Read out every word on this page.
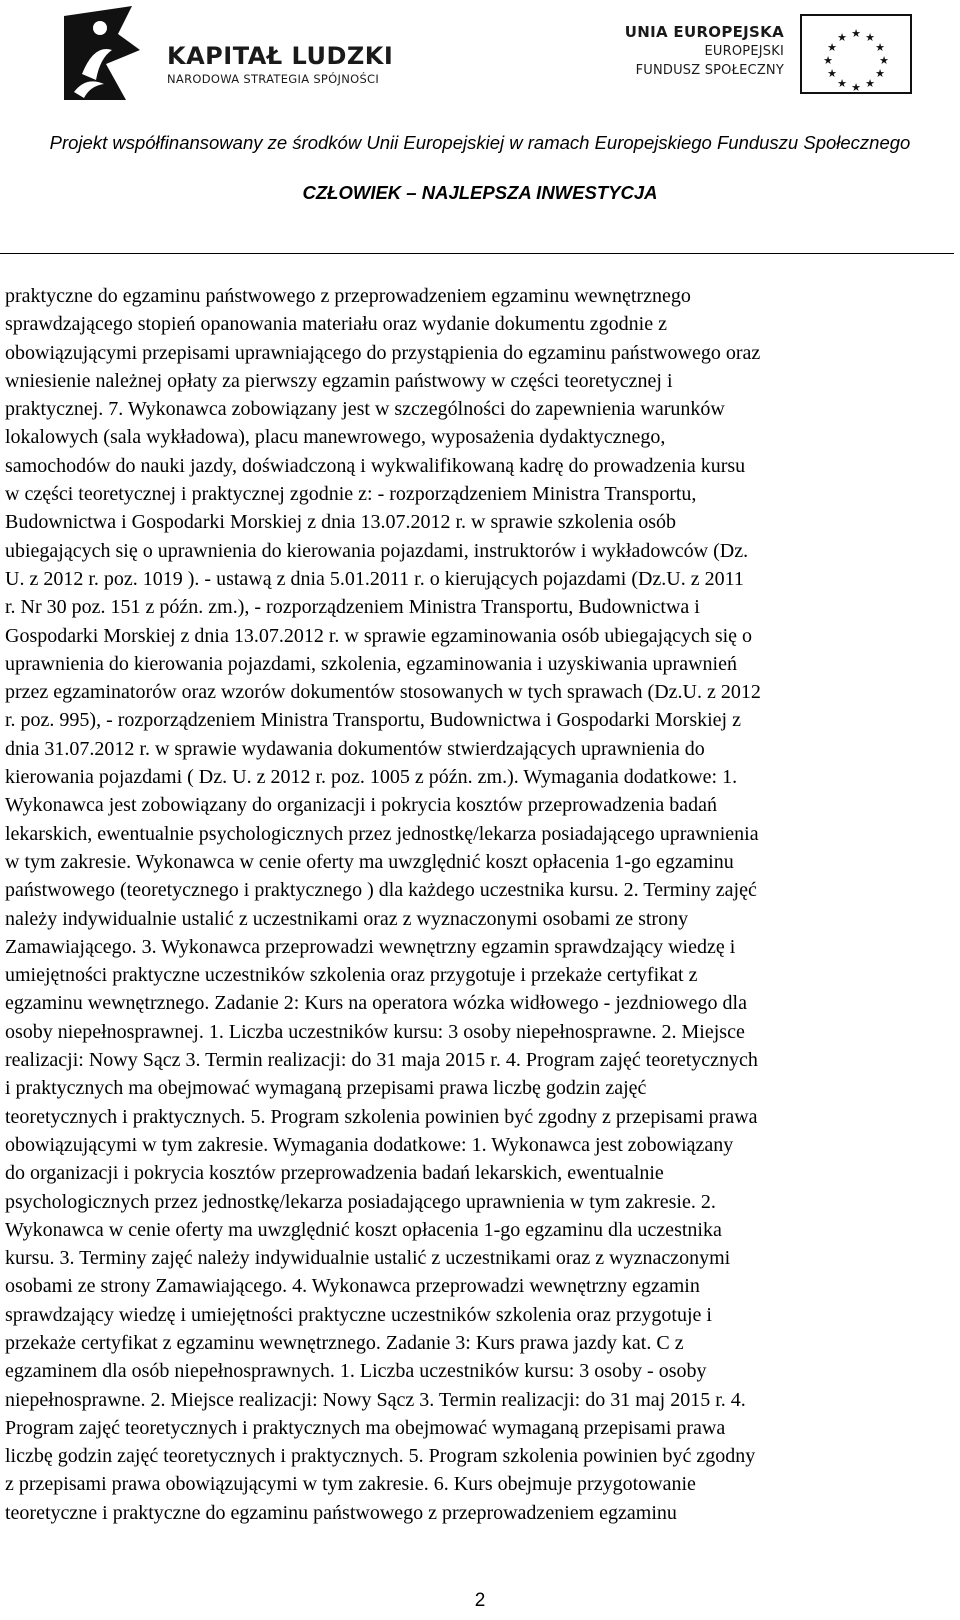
KAPITAŁ LUDZKI
NARODOWA STRATEGIA SPÓJNOŚCI
UNIA EUROPEJSKA
EUROPEJSKI
FUNDUSZ SPOŁECZNY
★ ★
★
★
★
★
★
★
★
★
★
★
Projekt współfinansowany ze środków Unii Europejskiej w ramach Europejskiego Funduszu Społecznego
CZŁOWIEK – NAJLEPSZA INWESTYCJA
praktyczne do egzaminu państwowego z przeprowadzeniem egzaminu wewnętrznego
sprawdzającego stopień opanowania materiału oraz wydanie dokumentu zgodnie z
obowiązującymi przepisami uprawniającego do przystąpienia do egzaminu państwowego oraz
wniesienie należnej opłaty za pierwszy egzamin państwowy w części teoretycznej i
praktycznej. 7. Wykonawca zobowiązany jest w szczególności do zapewnienia warunków
lokalowych (sala wykładowa), placu manewrowego, wyposażenia dydaktycznego,
samochodów do nauki jazdy, doświadczoną i wykwalifikowaną kadrę do prowadzenia kursu
w części teoretycznej i praktycznej zgodnie z: - rozporządzeniem Ministra Transportu,
Budownictwa i Gospodarki Morskiej z dnia 13.07.2012 r. w sprawie szkolenia osób
ubiegających się o uprawnienia do kierowania pojazdami, instruktorów i wykładowców (Dz.
U. z 2012 r. poz. 1019 ). - ustawą z dnia 5.01.2011 r. o kierujących pojazdami (Dz.U. z 2011
r. Nr 30 poz. 151 z późn. zm.), - rozporządzeniem Ministra Transportu, Budownictwa i
Gospodarki Morskiej z dnia 13.07.2012 r. w sprawie egzaminowania osób ubiegających się o
uprawnienia do kierowania pojazdami, szkolenia, egzaminowania i uzyskiwania uprawnień
przez egzaminatorów oraz wzorów dokumentów stosowanych w tych sprawach (Dz.U. z 2012
r. poz. 995), - rozporządzeniem Ministra Transportu, Budownictwa i Gospodarki Morskiej z
dnia 31.07.2012 r. w sprawie wydawania dokumentów stwierdzających uprawnienia do
kierowania pojazdami ( Dz. U. z 2012 r. poz. 1005 z późn. zm.). Wymagania dodatkowe: 1.
Wykonawca jest zobowiązany do organizacji i pokrycia kosztów przeprowadzenia badań
lekarskich, ewentualnie psychologicznych przez jednostkę/lekarza posiadającego uprawnienia
w tym zakresie. Wykonawca w cenie oferty ma uwzględnić koszt opłacenia 1-go egzaminu
państwowego (teoretycznego i praktycznego ) dla każdego uczestnika kursu. 2. Terminy zajęć
należy indywidualnie ustalić z uczestnikami oraz z wyznaczonymi osobami ze strony
Zamawiającego. 3. Wykonawca przeprowadzi wewnętrzny egzamin sprawdzający wiedzę i
umiejętności praktyczne uczestników szkolenia oraz przygotuje i przekaże certyfikat z
egzaminu wewnętrznego. Zadanie 2: Kurs na operatora wózka widłowego - jezdniowego dla
osoby niepełnosprawnej. 1. Liczba uczestników kursu: 3 osoby niepełnosprawne. 2. Miejsce
realizacji: Nowy Sącz 3. Termin realizacji: do 31 maja 2015 r. 4. Program zajęć teoretycznych
i praktycznych ma obejmować wymaganą przepisami prawa liczbę godzin zajęć
teoretycznych i praktycznych. 5. Program szkolenia powinien być zgodny z przepisami prawa
obowiązującymi w tym zakresie. Wymagania dodatkowe: 1. Wykonawca jest zobowiązany
do organizacji i pokrycia kosztów przeprowadzenia badań lekarskich, ewentualnie
psychologicznych przez jednostkę/lekarza posiadającego uprawnienia w tym zakresie. 2.
Wykonawca w cenie oferty ma uwzględnić koszt opłacenia 1-go egzaminu dla uczestnika
kursu. 3. Terminy zajęć należy indywidualnie ustalić z uczestnikami oraz z wyznaczonymi
osobami ze strony Zamawiającego. 4. Wykonawca przeprowadzi wewnętrzny egzamin
sprawdzający wiedzę i umiejętności praktyczne uczestników szkolenia oraz przygotuje i
przekaże certyfikat z egzaminu wewnętrznego. Zadanie 3: Kurs prawa jazdy kat. C z
egzaminem dla osób niepełnosprawnych. 1. Liczba uczestników kursu: 3 osoby - osoby
niepełnosprawne. 2. Miejsce realizacji: Nowy Sącz 3. Termin realizacji: do 31 maj 2015 r. 4.
Program zajęć teoretycznych i praktycznych ma obejmować wymaganą przepisami prawa
liczbę godzin zajęć teoretycznych i praktycznych. 5. Program szkolenia powinien być zgodny
z przepisami prawa obowiązującymi w tym zakresie. 6. Kurs obejmuje przygotowanie
teoretyczne i praktyczne do egzaminu państwowego z przeprowadzeniem egzaminu
2
